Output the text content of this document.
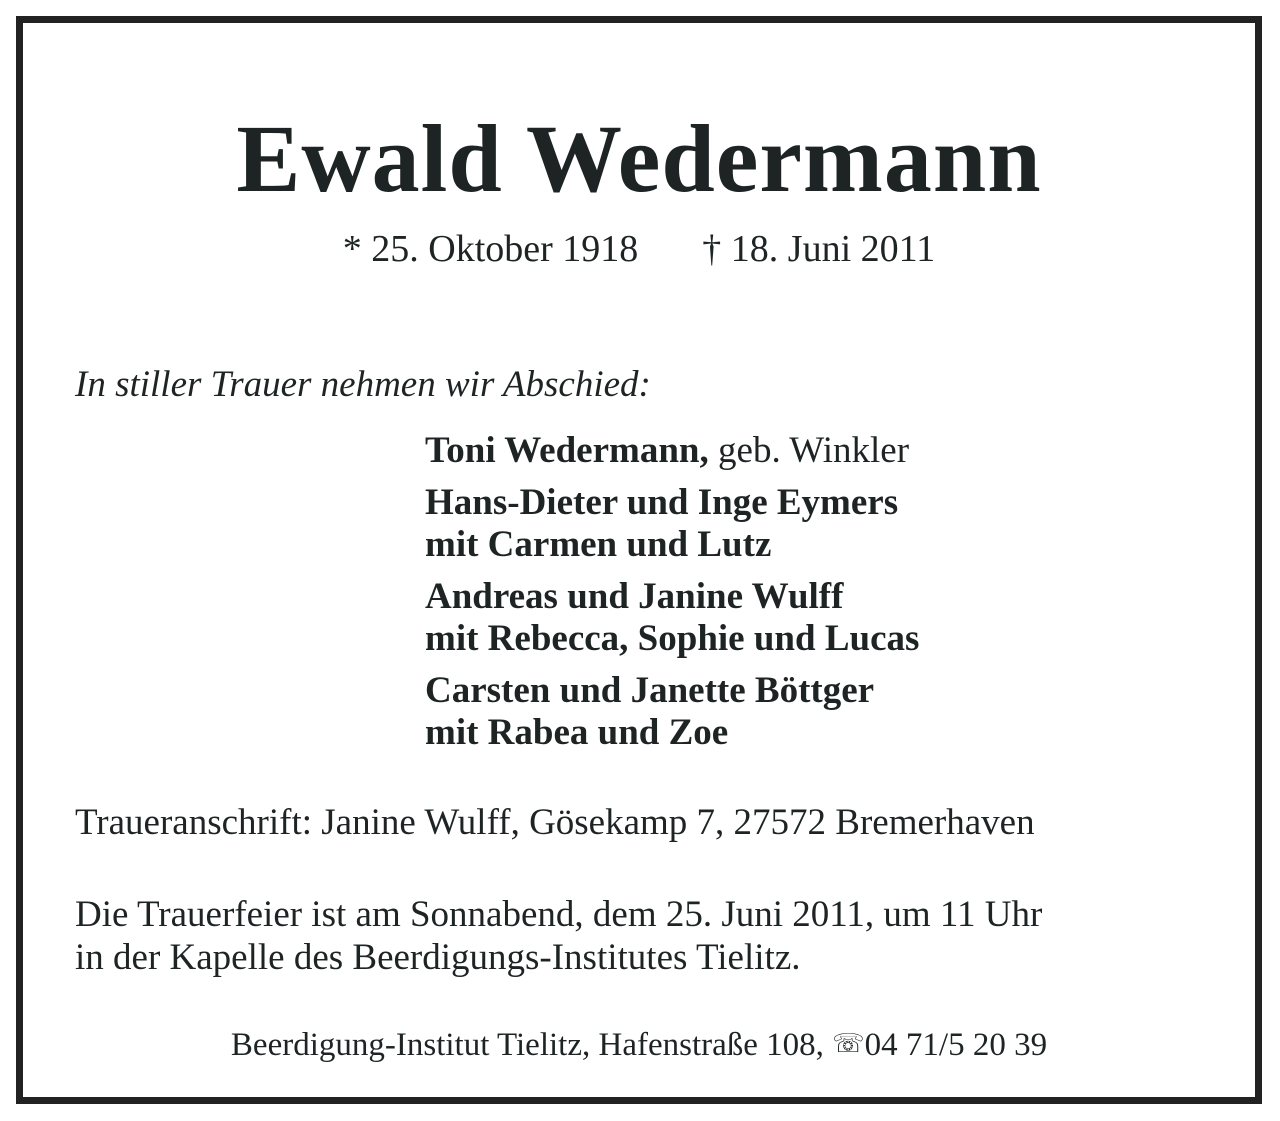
Ewald Wedermann
* 25. Oktober 1918 † 18. Juni 2011
In stiller Trauer nehmen wir Abschied:
Toni Wedermann, geb. Winkler
Hans-Dieter und Inge Eymers
mit Carmen und Lutz
Andreas und Janine Wulff
mit Rebecca, Sophie und Lucas
Carsten und Janette Böttger
mit Rabea und Zoe
Traueranschrift: Janine Wulff, Gösekamp 7, 27572 Bremerhaven
Die Trauerfeier ist am Sonnabend, dem 25. Juni 2011, um 11 Uhr
in der Kapelle des Beerdigungs-Institutes Tielitz.
Beerdigung-Institut Tielitz, Hafenstraße 108, ☏04 71/5 20 39
